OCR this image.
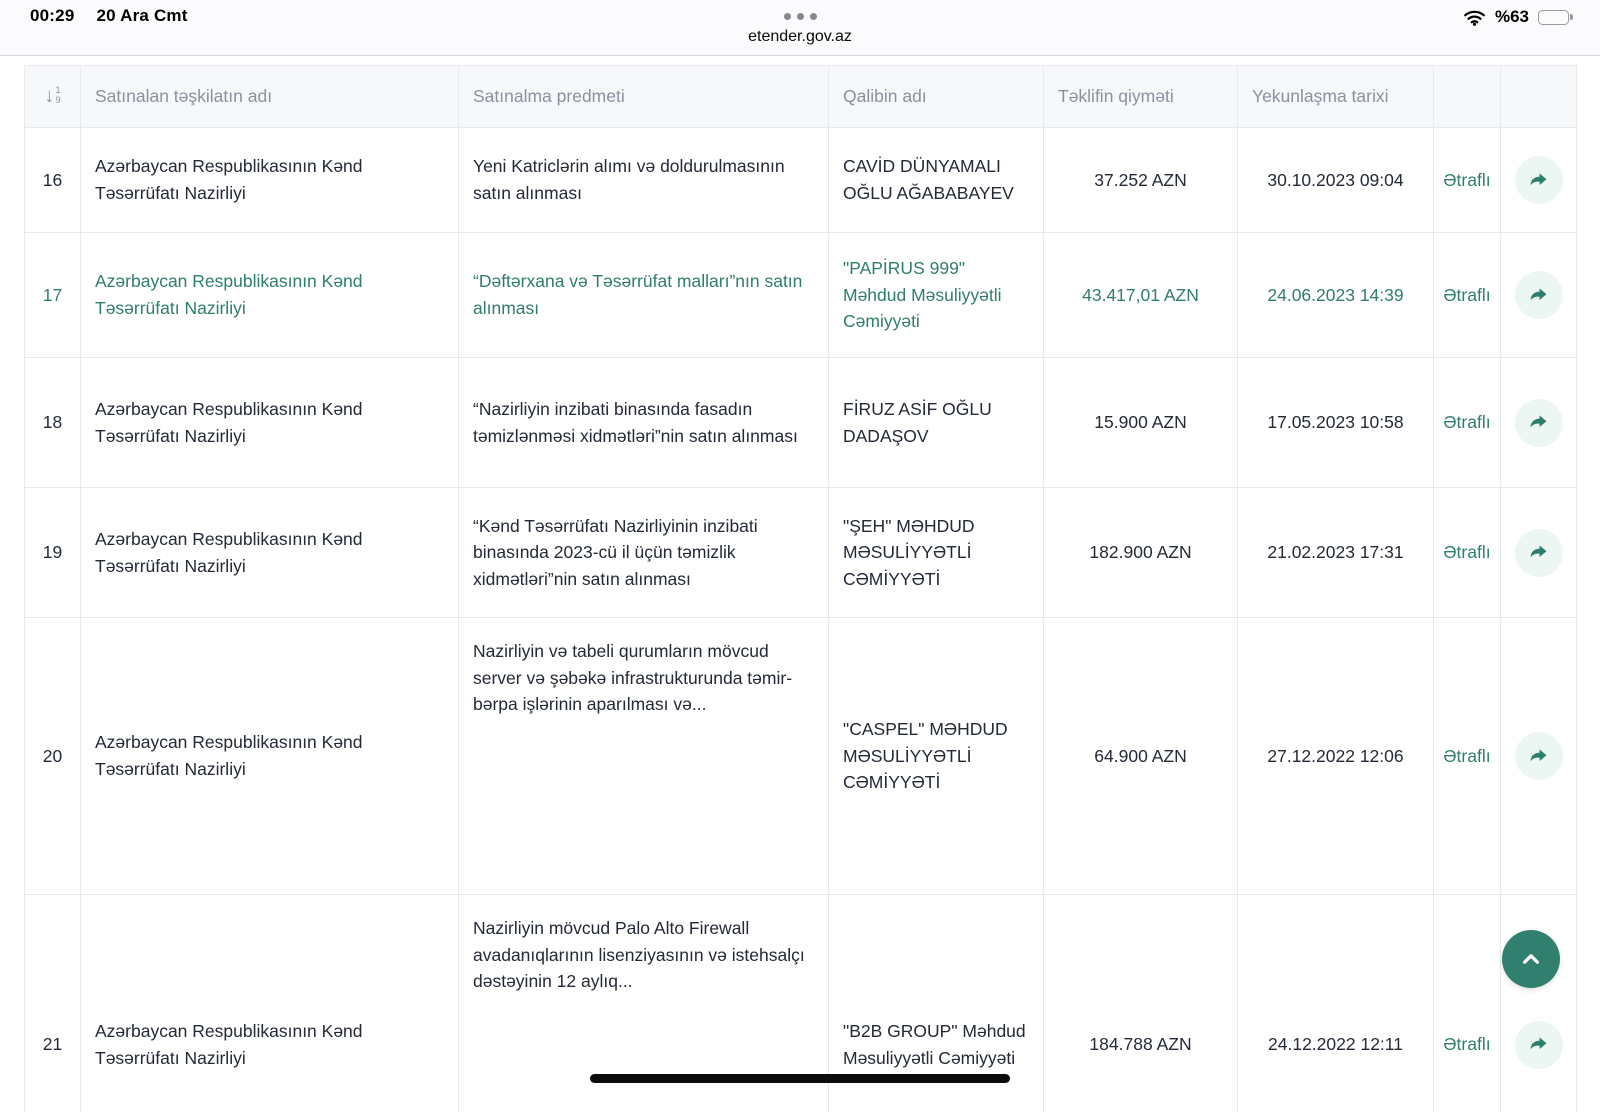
00:29 20 Ara Cmt
etender.gov.az
%63
↓ 1
9	Satınalan təşkilatın adı	Satınalma predmeti	Qalibin adı	Təklifin qiyməti	Yekunlaşma tarixi		
16	Azərbaycan Respublikasının Kənd Təsərrüfatı Nazirliyi	Yeni Katriclərin alımı və doldurulmasının satın alınması	CAVİD DÜNYAMALI OĞLU AĞABABAYEV	37.252 AZN	30.10.2023 09:04	Ətraflı	

17	Azərbaycan Respublikasının Kənd Təsərrüfatı Nazirliyi	“Dəftərxana və Təsərrüfat malları”nın satın alınması	"PAPİRUS 999" Məhdud Məsuliyyətli Cəmiyyəti	43.417,01 AZN	24.06.2023 14:39	Ətraflı	

18	Azərbaycan Respublikasının Kənd Təsərrüfatı Nazirliyi	“Nazirliyin inzibati binasında fasadın təmizlənməsi xidmətləri”nin satın alınması	FİRUZ ASİF OĞLU DADAŞOV	15.900 AZN	17.05.2023 10:58	Ətraflı	

19	Azərbaycan Respublikasının Kənd Təsərrüfatı Nazirliyi	“Kənd Təsərrüfatı Nazirliyinin inzibati binasında 2023-cü il üçün təmizlik xidmətləri”nin satın alınması	"ŞEH" MƏHDUD MƏSULİYYƏTLİ CƏMİYYƏTİ	182.900 AZN	21.02.2023 17:31	Ətraflı	

20	Azərbaycan Respublikasının Kənd Təsərrüfatı Nazirliyi	Nazirliyin və tabeli qurumların mövcud server və şəbəkə infrastrukturunda təmir-bərpa işlərinin aparılması və...	"CASPEL" MƏHDUD MƏSULİYYƏTLİ CƏMİYYƏTİ	64.900 AZN	27.12.2022 12:06	Ətraflı	

21	Azərbaycan Respublikasının Kənd Təsərrüfatı Nazirliyi	Nazirliyin mövcud Palo Alto Firewall avadanıqlarının lisenziyasının və istehsalçı dəstəyinin 12 aylıq...	"B2B GROUP" Məhdud Məsuliyyətli Cəmiyyəti	184.788 AZN	24.12.2022 12:11	Ətraflı	
